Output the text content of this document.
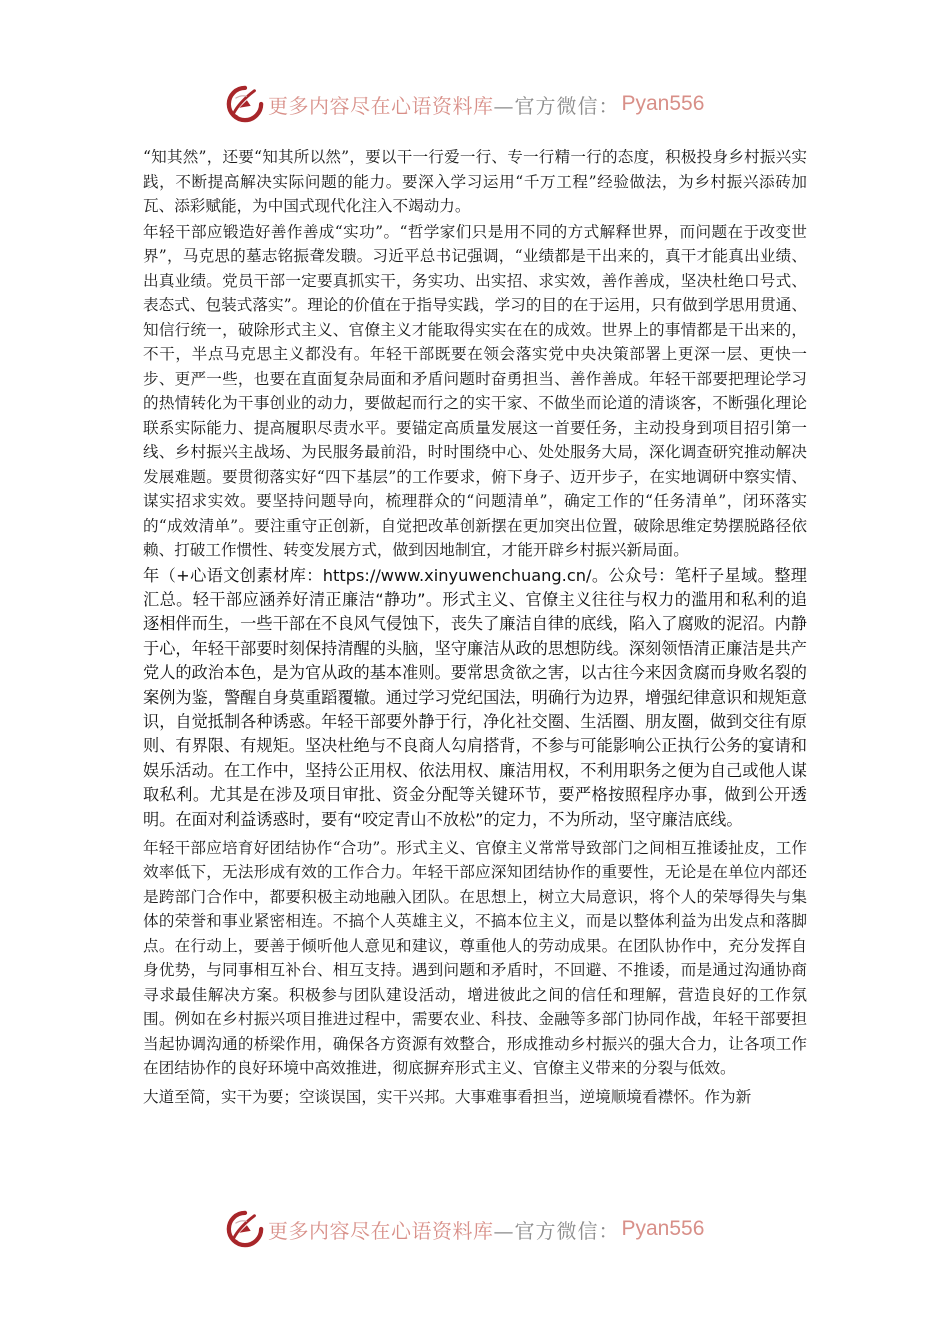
更多内容尽在心语资料库 —官方微信： Pyan556

“知其然”，还要“知其所以然”，要以干一行爱一行、专一行精一行的态度，积极投身乡村振兴实践，不断提高解决实际问题的能力。要深入学习运用“千万工程”经验做法，为乡村振兴添砖加瓦、添彩赋能，为中国式现代化注入不竭动力。

年轻干部应锻造好善作善成“实功”。“哲学家们只是用不同的方式解释世界，而问题在于改变世界”，马克思的墓志铭振聋发聩。习近平总书记强调，“业绩都是干出来的，真干才能真出业绩、出真业绩。党员干部一定要真抓实干，务实功、出实招、求实效，善作善成，坚决杜绝口号式、表态式、包装式落实”。理论的价值在于指导实践，学习的目的在于运用，只有做到学思用贯通、知信行统一，破除形式主义、官僚主义才能取得实实在在的成效。世界上的事情都是干出来的，不干，半点马克思主义都没有。年轻干部既要在领会落实党中央决策部署上更深一层、更快一步、更严一些，也要在直面复杂局面和矛盾问题时奋勇担当、善作善成。年轻干部要把理论学习的热情转化为干事创业的动力，要做起而行之的实干家、不做坐而论道的清谈客，不断强化理论联系实际能力、提高履职尽责水平。要锚定高质量发展这一首要任务，主动投身到项目招引第一线、乡村振兴主战场、为民服务最前沿，时时围绕中心、处处服务大局，深化调查研究推动解决发展难题。要贯彻落实好“四下基层”的工作要求，俯下身子、迈开步子，在实地调研中察实情、谋实招求实效。要坚持问题导向，梳理群众的“问题清单”，确定工作的“任务清单”，闭环落实的“成效清单”。要注重守正创新，自觉把改革创新摆在更加突出位置，破除思维定势摆脱路径依赖、打破工作惯性、转变发展方式，做到因地制宜，才能开辟乡村振兴新局面。

年（+心语文创素材库：https://www.xinyuwenchuang.cn/。公众号：笔杆子星域。整理汇总。轻干部应涵养好清正廉洁“静功”。形式主义、官僚主义往往与权力的滥用和私利的追逐相伴而生，一些干部在不良风气侵蚀下，丧失了廉洁自律的底线，陷入了腐败的泥沼。内静于心，年轻干部要时刻保持清醒的头脑，坚守廉洁从政的思想防线。深刻领悟清正廉洁是共产党人的政治本色，是为官从政的基本准则。要常思贪欲之害，以古往今来因贪腐而身败名裂的案例为鉴，警醒自身莫重蹈覆辙。通过学习党纪国法，明确行为边界，增强纪律意识和规矩意识，自觉抵制各种诱惑。年轻干部要外静于行，净化社交圈、生活圈、朋友圈，做到交往有原则、有界限、有规矩。坚决杜绝与不良商人勾肩搭背，不参与可能影响公正执行公务的宴请和娱乐活动。在工作中，坚持公正用权、依法用权、廉洁用权，不利用职务之便为自己或他人谋取私利。尤其是在涉及项目审批、资金分配等关键环节，要严格按照程序办事，做到公开透明。在面对利益诱惑时，要有“咬定青山不放松”的定力，不为所动，坚守廉洁底线。

年轻干部应培育好团结协作“合功”。形式主义、官僚主义常常导致部门之间相互推诿扯皮，工作效率低下，无法形成有效的工作合力。年轻干部应深知团结协作的重要性，无论是在单位内部还是跨部门合作中，都要积极主动地融入团队。在思想上，树立大局意识，将个人的荣辱得失与集体的荣誉和事业紧密相连。不搞个人英雄主义，不搞本位主义，而是以整体利益为出发点和落脚点。在行动上，要善于倾听他人意见和建议，尊重他人的劳动成果。在团队协作中，充分发挥自身优势，与同事相互补台、相互支持。遇到问题和矛盾时，不回避、不推诿，而是通过沟通协商寻求最佳解决方案。积极参与团队建设活动，增进彼此之间的信任和理解，营造良好的工作氛围。例如在乡村振兴项目推进过程中，需要农业、科技、金融等多部门协同作战，年轻干部要担当起协调沟通的桥梁作用，确保各方资源有效整合，形成推动乡村振兴的强大合力，让各项工作在团结协作的良好环境中高效推进，彻底摒弃形式主义、官僚主义带来的分裂与低效。

大道至简，实干为要；空谈误国，实干兴邦。大事难事看担当，逆境顺境看襟怀。作为新

更多内容尽在心语资料库 —官方微信： Pyan556
